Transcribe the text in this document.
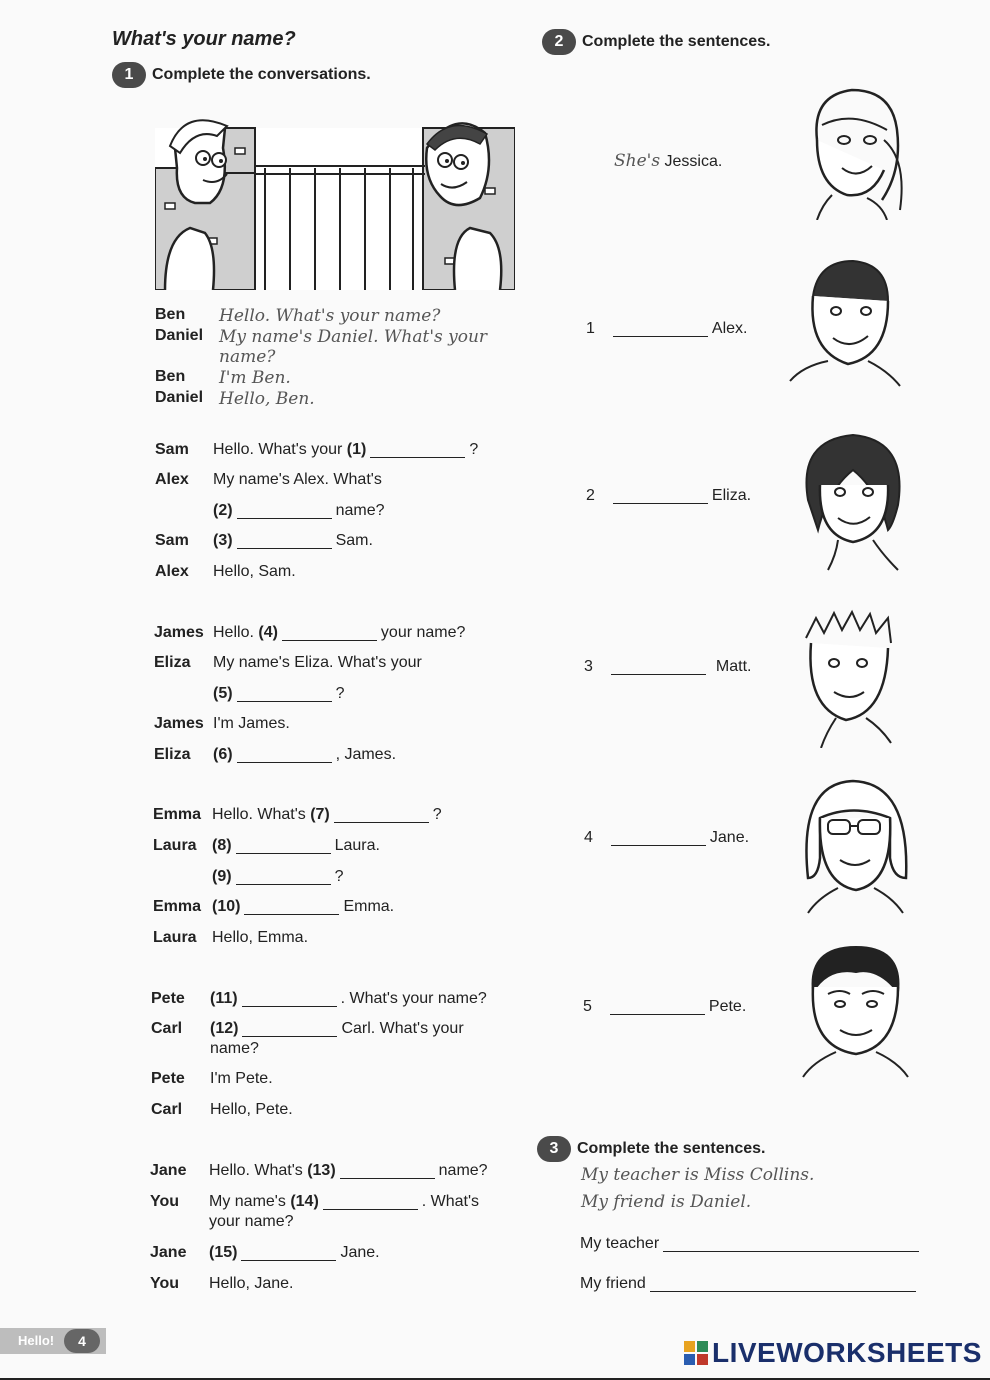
What's your name?
1	Complete the conversations.
Ben Hello. What's your name?
Daniel My name's Daniel. What's your
name?
Ben I'm Ben.
Daniel Hello, Ben.
Sam Hello. What's your (1)	?
Alex My name's Alex. What's
(2)	name?
Sam (3)	Sam.
Alex Hello, Sam.
James Hello. (4)	your name?
Eliza My name's Eliza. What's your
(5)	?
James I'm James.
Eliza (6)	, James.
Emma Hello. What's (7)	?
Laura (8)	Laura.
(9)	?
Emma (10)	Emma.
Laura Hello, Emma.
Pete (11)	. What's your name?
Carl (12)	Carl. What's your
name?
Pete I'm Pete.
Carl Hello, Pete.
Jane Hello. What's (13)	name?
You My name's (14)	. What's
your name?
Jane (15)	Jane.
You Hello, Jane.
2	Complete the sentences.
She's Jessica.
1	Alex.
2	Eliza.
3	Matt.
4	Jane.
5	Pete.
3	Complete the sentences.
My teacher is Miss Collins.
My friend is Daniel.
My teacher
My friend
Hello!	4	LIVEWORKSHEETS
